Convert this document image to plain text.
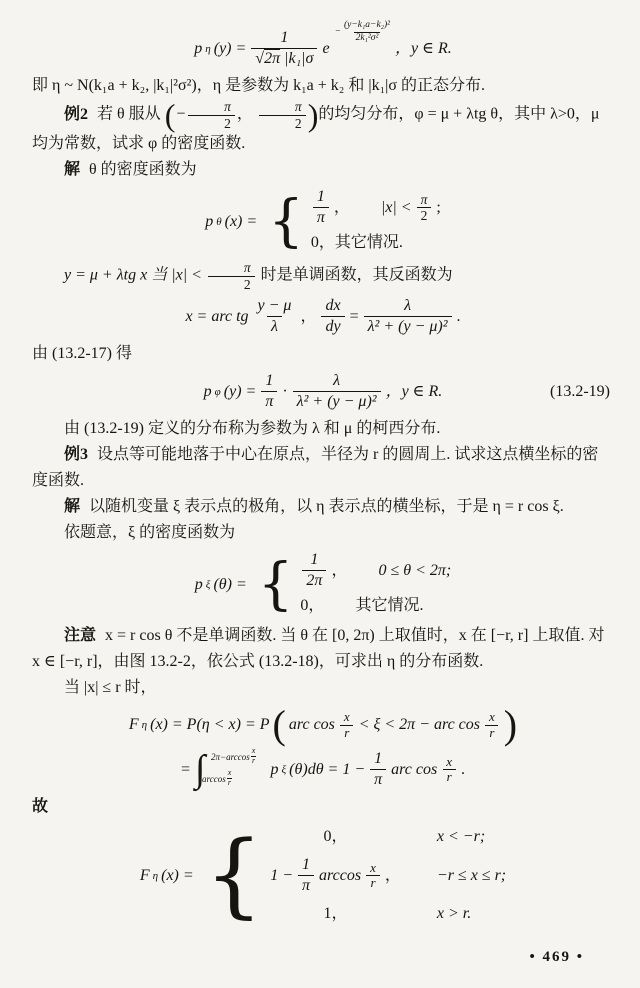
p η $(y) = \frac{1}{\text{√2π |k₁|σ}}$ e
− $\frac{\text{(y−k₁a−k₂)²}}{\text{2k₁²σ²}}$
，y ∈ R.

即 η ~ N(k₁a + k₂, |k₁|²σ²)，η 是参数为 k₁a + k₂ 和 |k₁|σ 的正态分布.

例2 若 θ 服从 (− $\frac{\pi}{2}$ ， $\frac{\pi}{2}$ )的均匀分布，φ = μ + λtg θ，其中 λ>0，μ 均为常数，试求 φ 的密度函数.

解 θ 的密度函数为

p θ (x) = { $\frac{1}{\pi}$ ， $|x| < \frac{\pi}{2}$ ;
0，其它情况.

y = μ + λtg x 当 $|x| < \frac{\pi}{2}$ 时是单调函数，其反函数为

x = arc tg $\frac{y - \mu}{\lambda}$ ， $\frac{dx}{dy} = \frac{\lambda}{\text{λ² + (y − μ)²}}$ .

由 (13.2-17) 得

p φ $(y) = \frac{1}{\pi} \cdot \frac{\lambda}{\text{λ² + (y − μ)²}}$ ，y ∈ R.	(13.2-19)

由 (13.2-19) 定义的分布称为参数为 λ 和 μ 的柯西分布.

例3 设点等可能地落于中心在原点，半径为 r 的圆周上. 试求这点横坐标的密度函数.

解 以随机变量 ξ 表示点的极角，以 η 表示点的横坐标，于是 η = r cos ξ.

依题意，ξ 的密度函数为

p ξ (θ) = { $\frac{1}{2\pi}$ ， 0 ≤ θ < 2π;
0， 其它情况.

注意 x = r cos θ 不是单调函数. 当 θ 在 [0, 2π) 上取值时，x 在 [−r, r] 上取值. 对 x ∈ [−r, r]，由图 13.2-2，依公式 (13.2-18)，可求出 η 的分布函数.

当 |x| ≤ r 时，

F η (x) = P(η < x) = P ( arc $\cos \frac{x}{r} < \xi < 2\pi$ − arc $\cos \frac{x}{r}$ )
= ∫ 2π−arccos
x
r
arccos
x
r
p ξ $(\theta)d\theta = 1 - \frac{1}{\pi}$ arc $\cos \frac{x}{r}$ .

故

F η (x) = {	0，	x < −r;
$1 - \frac{1}{\pi}$ $\arccos \frac{x}{r}$ ， −r ≤ x ≤ r;
1，	x > r.
• 469 •
